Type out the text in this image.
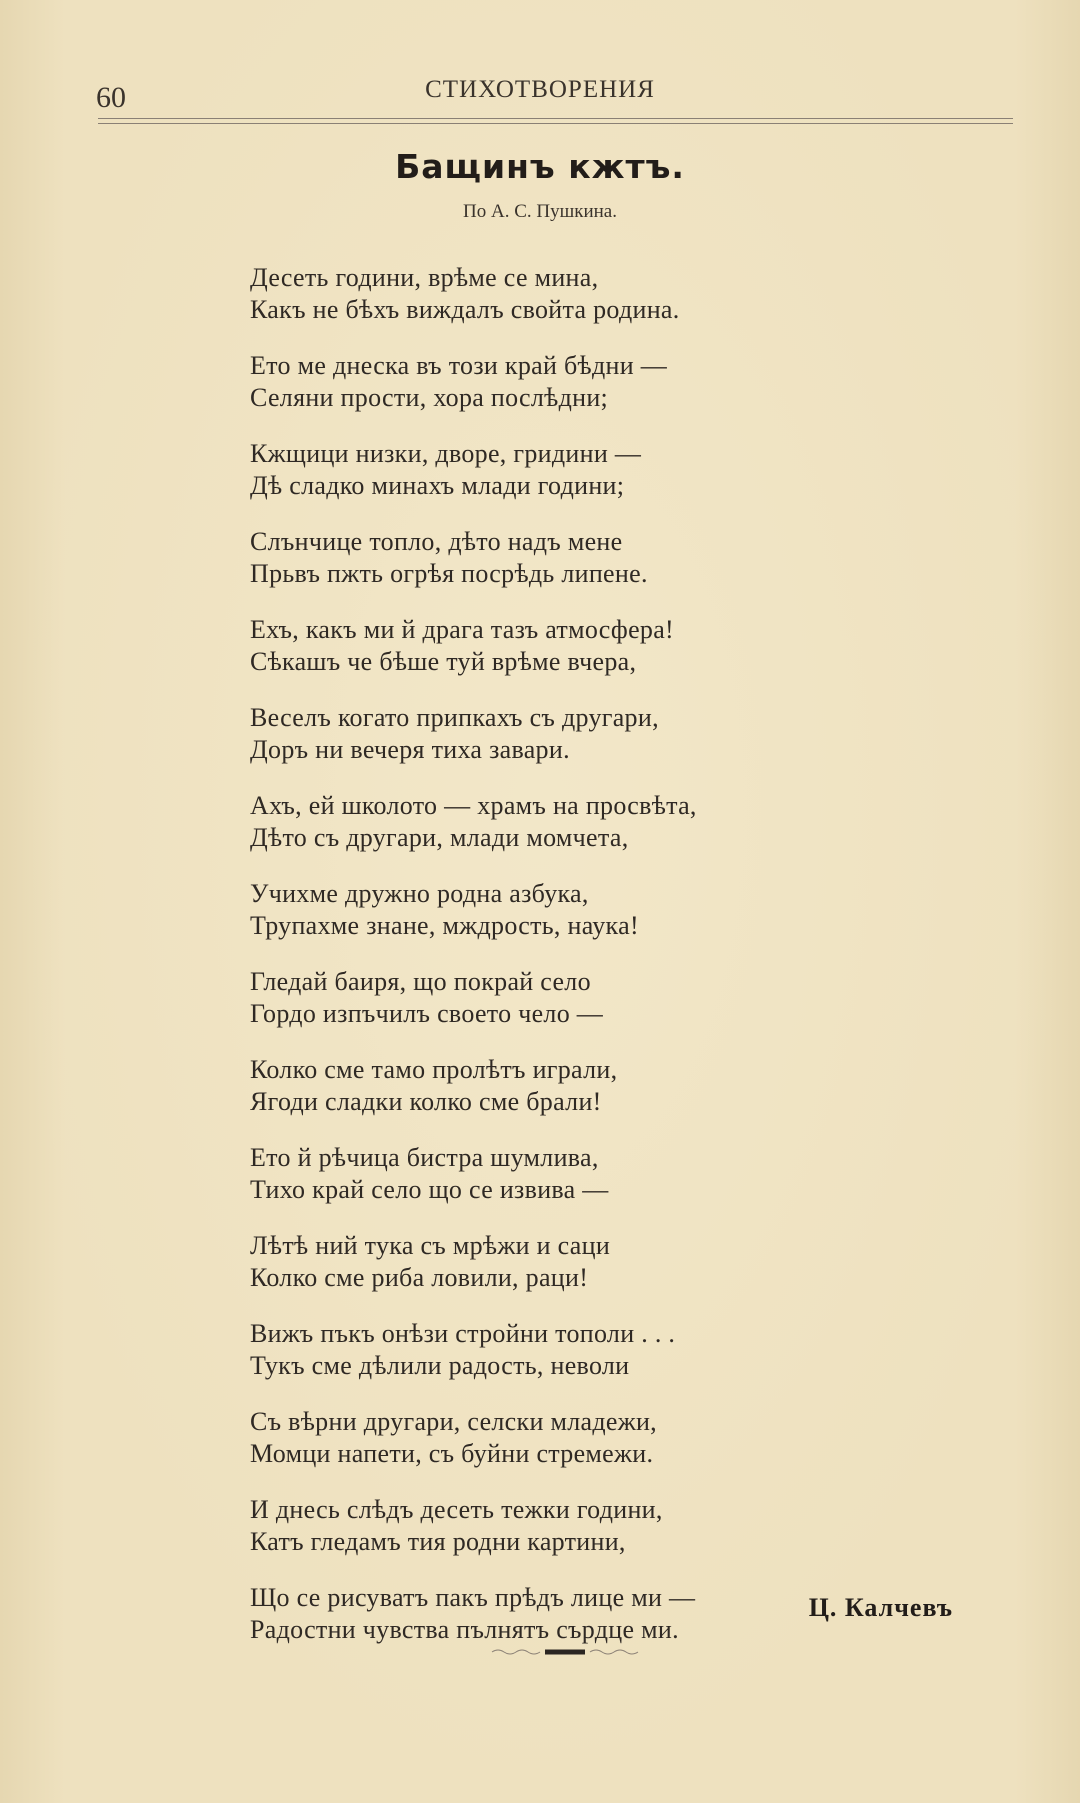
60	СТИХОТВОРЕНИЯ
Бащинъ кжтъ.
По А. С. Пушкина.
Десеть години, врѣме се мина,
Какъ не бѣхъ виждалъ свойта родина.
Ето ме днеска въ този край бѣдни —
Селяни прости, хора послѣдни;
Кжщици низки, дворе, гридини —
Дѣ сладко минахъ млади години;
Слънчице топло, дѣто надъ мене
Прьвъ пжть огрѣя посрѣдь липене.
Ехъ, какъ ми й драга тазъ атмосфера!
Сѣкашъ че бѣше туй врѣме вчера,
Веселъ когато припкахъ съ другари,
Доръ ни вечеря тиха завари.
Ахъ, ей школото — храмъ на просвѣта,
Дѣто съ другари, млади момчета,
Учихме дружно родна азбука,
Трупахме знане, мждрость, наука!
Гледай баиря, що покрай село
Гордо изпъчилъ своето чело —
Колко сме тамо пролѣтъ играли,
Ягоди сладки колко сме брали!
Ето й рѣчица бистра шумлива,
Тихо край село що се извива —
Лѣтѣ ний тука съ мрѣжи и саци
Колко сме риба ловили, раци!
Вижъ пъкъ онѣзи стройни тополи . . .
Тукъ сме дѣлили радость, неволи
Съ вѣрни другари, селски младежи,
Момци напети, съ буйни стремежи.
И днесь слѣдъ десеть тежки години,
Катъ гледамъ тия родни картини,
Що се рисуватъ пакъ прѣдъ лице ми —
Радостни чувства пълнятъ сърдце ми.
Ц. Калчевъ
